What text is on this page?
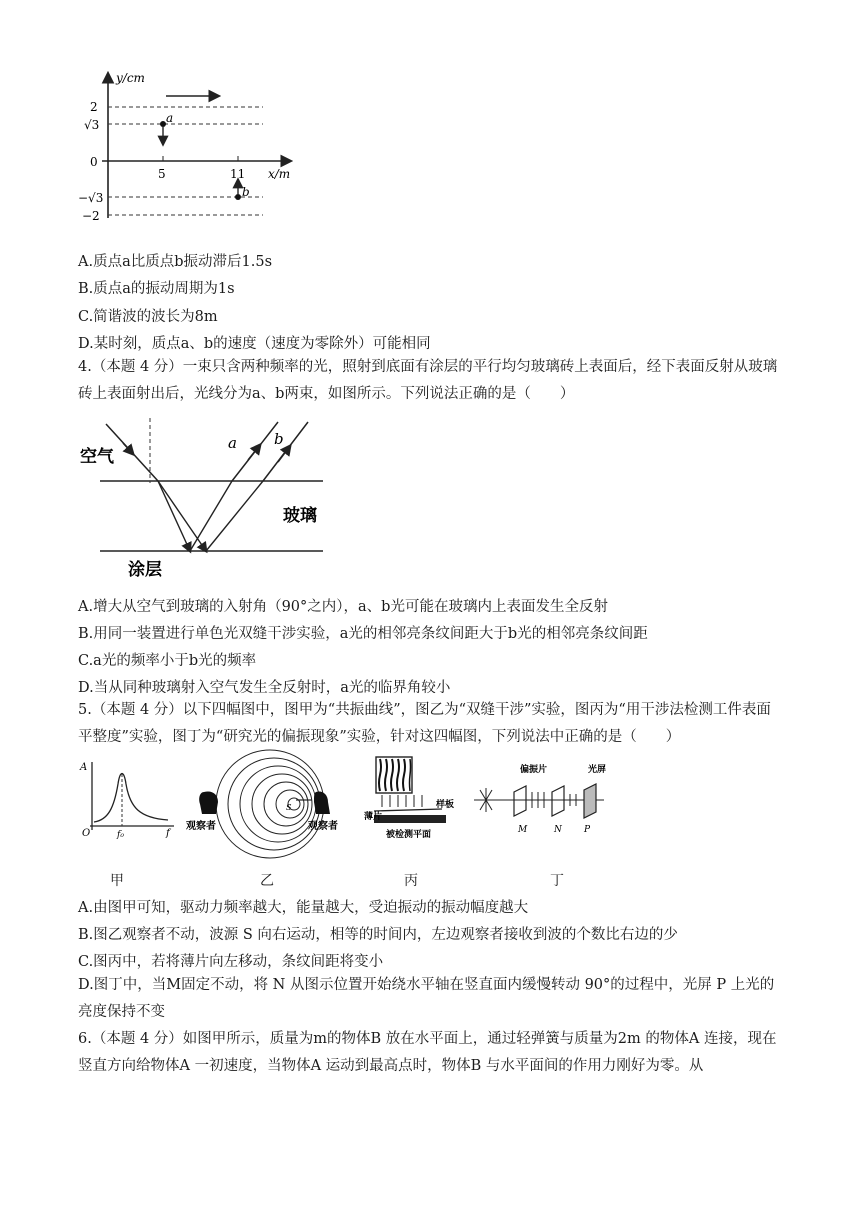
y/cm
x/m
2
√3
0
−√3
−2
5	11
a
b
A.质点a比质点b振动滞后1.5s
B.质点a的振动周期为1s
C.简谐波的波长为8m
D.某时刻，质点a、b的速度（速度为零除外）可能相同
4.（本题 4 分）一束只含两种频率的光，照射到底面有涂层的平行均匀玻璃砖上表面后，经下表面反射从玻璃砖上表面射出后，光线分为a、b两束，如图所示。下列说法正确的是（　　）
a b
空气
玻璃
涂层
A.增大从空气到玻璃的入射角（90°之内），a、b光可能在玻璃内上表面发生全反射
B.用同一装置进行单色光双缝干涉实验，a光的相邻亮条纹间距大于b光的相邻亮条纹间距
C.a光的频率小于b光的频率
D.当从同种玻璃射入空气发生全反射时，a光的临界角较小
5.（本题 4 分）以下四幅图中，图甲为“共振曲线”，图乙为“双缝干涉”实验，图丙为“用干涉法检测工件表面平整度”实验，图丁为“研究光的偏振现象”实验，针对这四幅图，下列说法中正确的是（　　）
A
O	f₀	f
S
观察者	观察者
样板
薄片
被检测平面
偏振片	光屏
M	N P
甲	乙	丙	丁
A.由图甲可知，驱动力频率越大，能量越大，受迫振动的振动幅度越大
B.图乙观察者不动，波源 S 向右运动，相等的时间内，左边观察者接收到波的个数比右边的少
C.图丙中，若将薄片向左移动，条纹间距将变小
D.图丁中，当M固定不动，将 N 从图示位置开始绕水平轴在竖直面内缓慢转动 90°的过程中，光屏 P 上光的亮度保持不变
6.（本题 4 分）如图甲所示，质量为m的物体B 放在水平面上，通过轻弹簧与质量为2m 的物体A 连接，现在竖直方向给物体A 一初速度，当物体A 运动到最高点时，物体B 与水平面间的作用力刚好为零。从
